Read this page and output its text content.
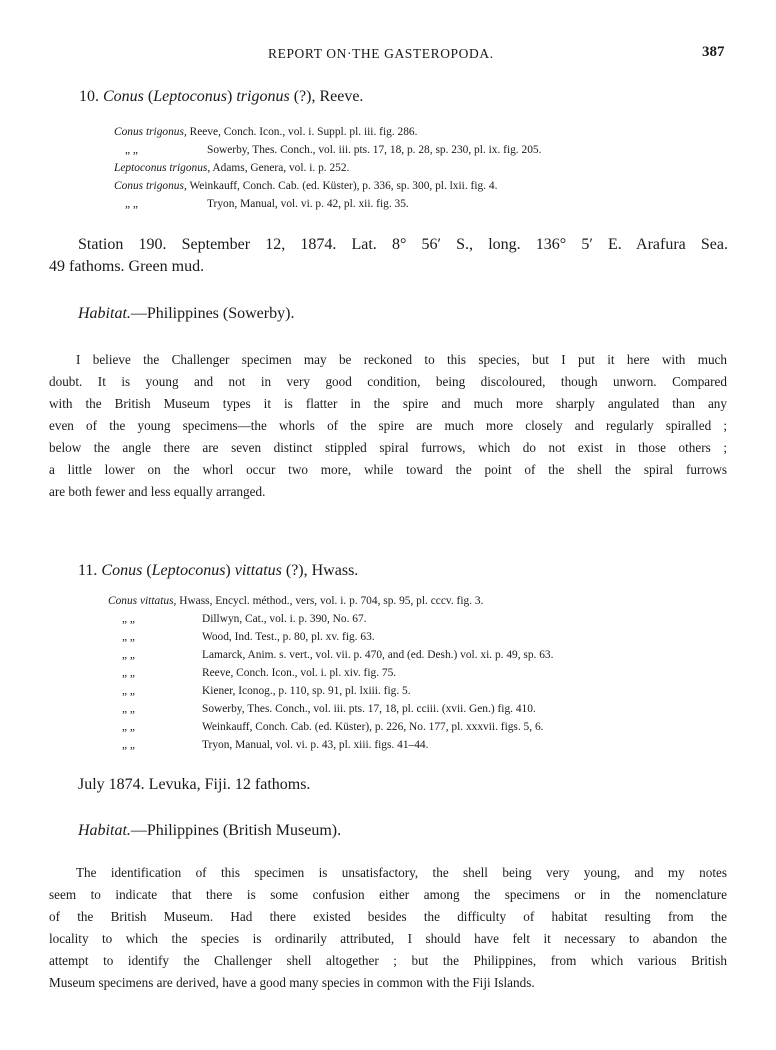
REPORT ON·THE GASTEROPODA.	387
10. Conus (Leptoconus) trigonus (?), Reeve.
Conus trigonus, Reeve, Conch. Icon., vol. i. Suppl. pl. iii. fig. 286.
„ „	Sowerby, Thes. Conch., vol. iii. pts. 17, 18, p. 28, sp. 230, pl. ix. fig. 205.
Leptoconus trigonus, Adams, Genera, vol. i. p. 252.
Conus trigonus, Weinkauff, Conch. Cab. (ed. Küster), p. 336, sp. 300, pl. lxii. fig. 4.
„ „	Tryon, Manual, vol. vi. p. 42, pl. xii. fig. 35.
Station 190. September 12, 1874. Lat. 8° 56′ S., long. 136° 5′ E. Arafura Sea.
49 fathoms. Green mud.
Habitat.—Philippines (Sowerby).
I believe the Challenger specimen may be reckoned to this species, but I put it here with much
doubt. It is young and not in very good condition, being discoloured, though unworn. Compared
with the British Museum types it is flatter in the spire and much more sharply angulated than any
even of the young specimens—the whorls of the spire are much more closely and regularly spiralled ;
below the angle there are seven distinct stippled spiral furrows, which do not exist in those others ;
a little lower on the whorl occur two more, while toward the point of the shell the spiral furrows
are both fewer and less equally arranged.
11. Conus (Leptoconus) vittatus (?), Hwass.
Conus vittatus, Hwass, Encycl. méthod., vers, vol. i. p. 704, sp. 95, pl. cccv. fig. 3.
„ „	Dillwyn, Cat., vol. i. p. 390, No. 67.
„ „	Wood, Ind. Test., p. 80, pl. xv. fig. 63.
„ „	Lamarck, Anim. s. vert., vol. vii. p. 470, and (ed. Desh.) vol. xi. p. 49, sp. 63.
„ „	Reeve, Conch. Icon., vol. i. pl. xiv. fig. 75.
„ „	Kiener, Iconog., p. 110, sp. 91, pl. lxiii. fig. 5.
„ „	Sowerby, Thes. Conch., vol. iii. pts. 17, 18, pl. cciii. (xvii. Gen.) fig. 410.
„ „	Weinkauff, Conch. Cab. (ed. Küster), p. 226, No. 177, pl. xxxvii. figs. 5, 6.
„ „	Tryon, Manual, vol. vi. p. 43, pl. xiii. figs. 41–44.
July 1874. Levuka, Fiji. 12 fathoms.
Habitat.—Philippines (British Museum).
The identification of this specimen is unsatisfactory, the shell being very young, and my notes
seem to indicate that there is some confusion either among the specimens or in the nomenclature
of the British Museum. Had there existed besides the difficulty of habitat resulting from the
locality to which the species is ordinarily attributed, I should have felt it necessary to abandon the
attempt to identify the Challenger shell altogether ; but the Philippines, from which various British
Museum specimens are derived, have a good many species in common with the Fiji Islands.
